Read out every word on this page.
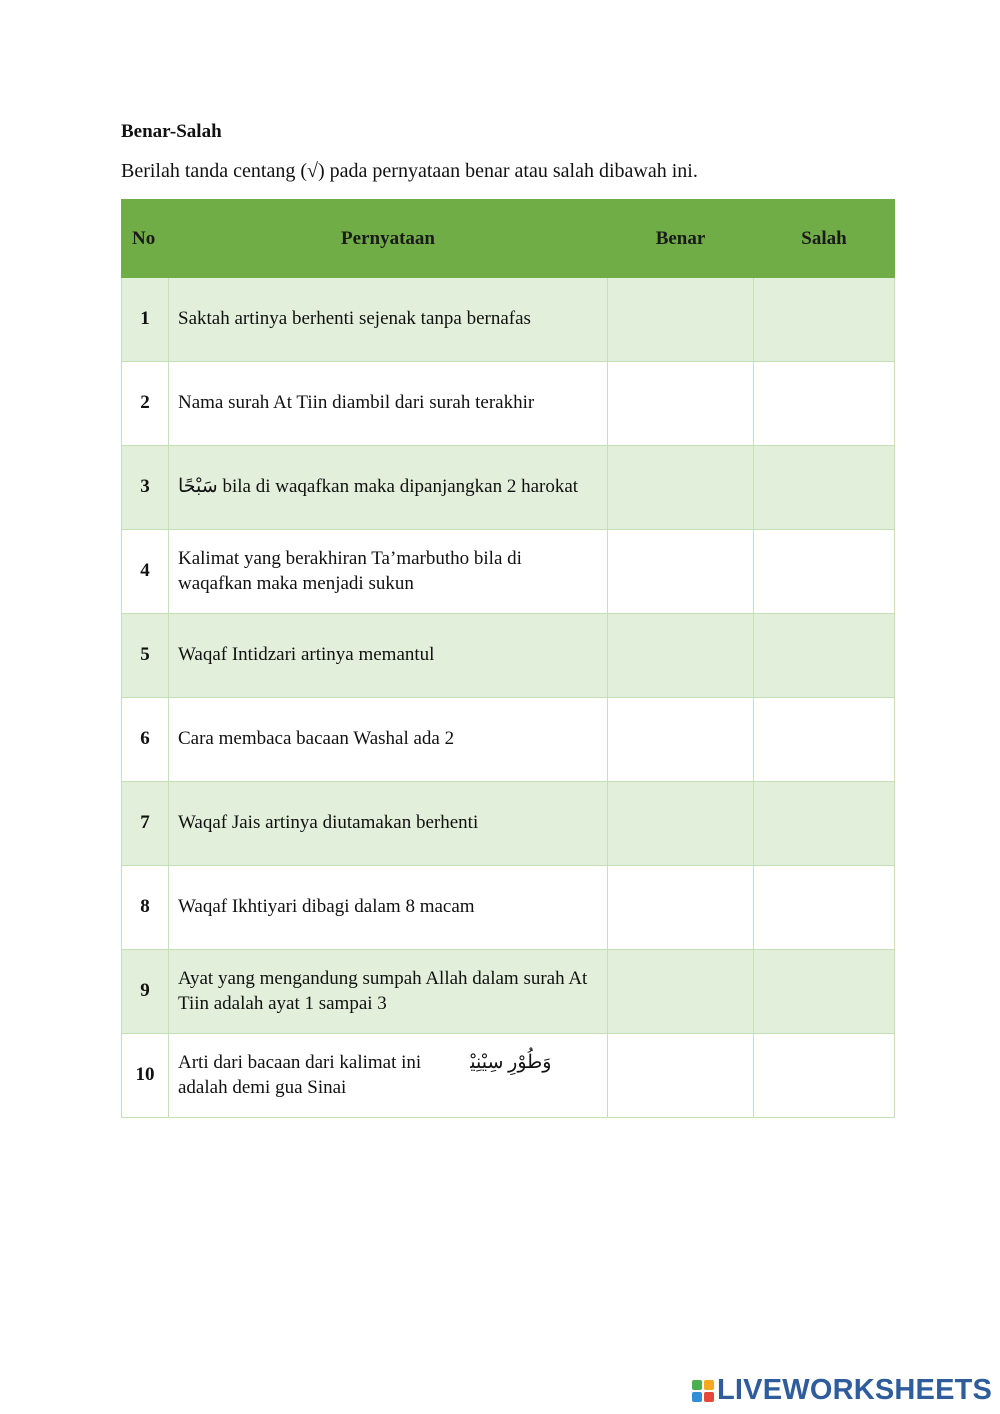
Benar-Salah
Berilah tanda centang (√) pada pernyataan benar atau salah dibawah ini.
No	Pernyataan	Benar	Salah
1	Saktah artinya berhenti sejenak tanpa bernafas		
2	Nama surah At Tiin diambil dari surah terakhir		
3	سَبْحًا bila di waqafkan maka dipanjangkan 2 harokat		
4	Kalimat yang berakhiran Ta’marbutho bila di waqafkan maka menjadi sukun		
5	Waqaf Intidzari artinya memantul		
6	Cara membaca bacaan Washal ada 2		
7	Waqaf Jais artinya diutamakan berhenti		
8	Waqaf Ikhtiyari dibagi dalam 8 macam		
9	Ayat yang mengandung sumpah Allah dalam surah At Tiin adalah ayat 1 sampai 3		
10	Arti dari bacaan dari kalimat ini وَطُوْرِ سِيْنِيْنَۙ adalah demi gua Sinai		
LIVEWORKSHEETS
